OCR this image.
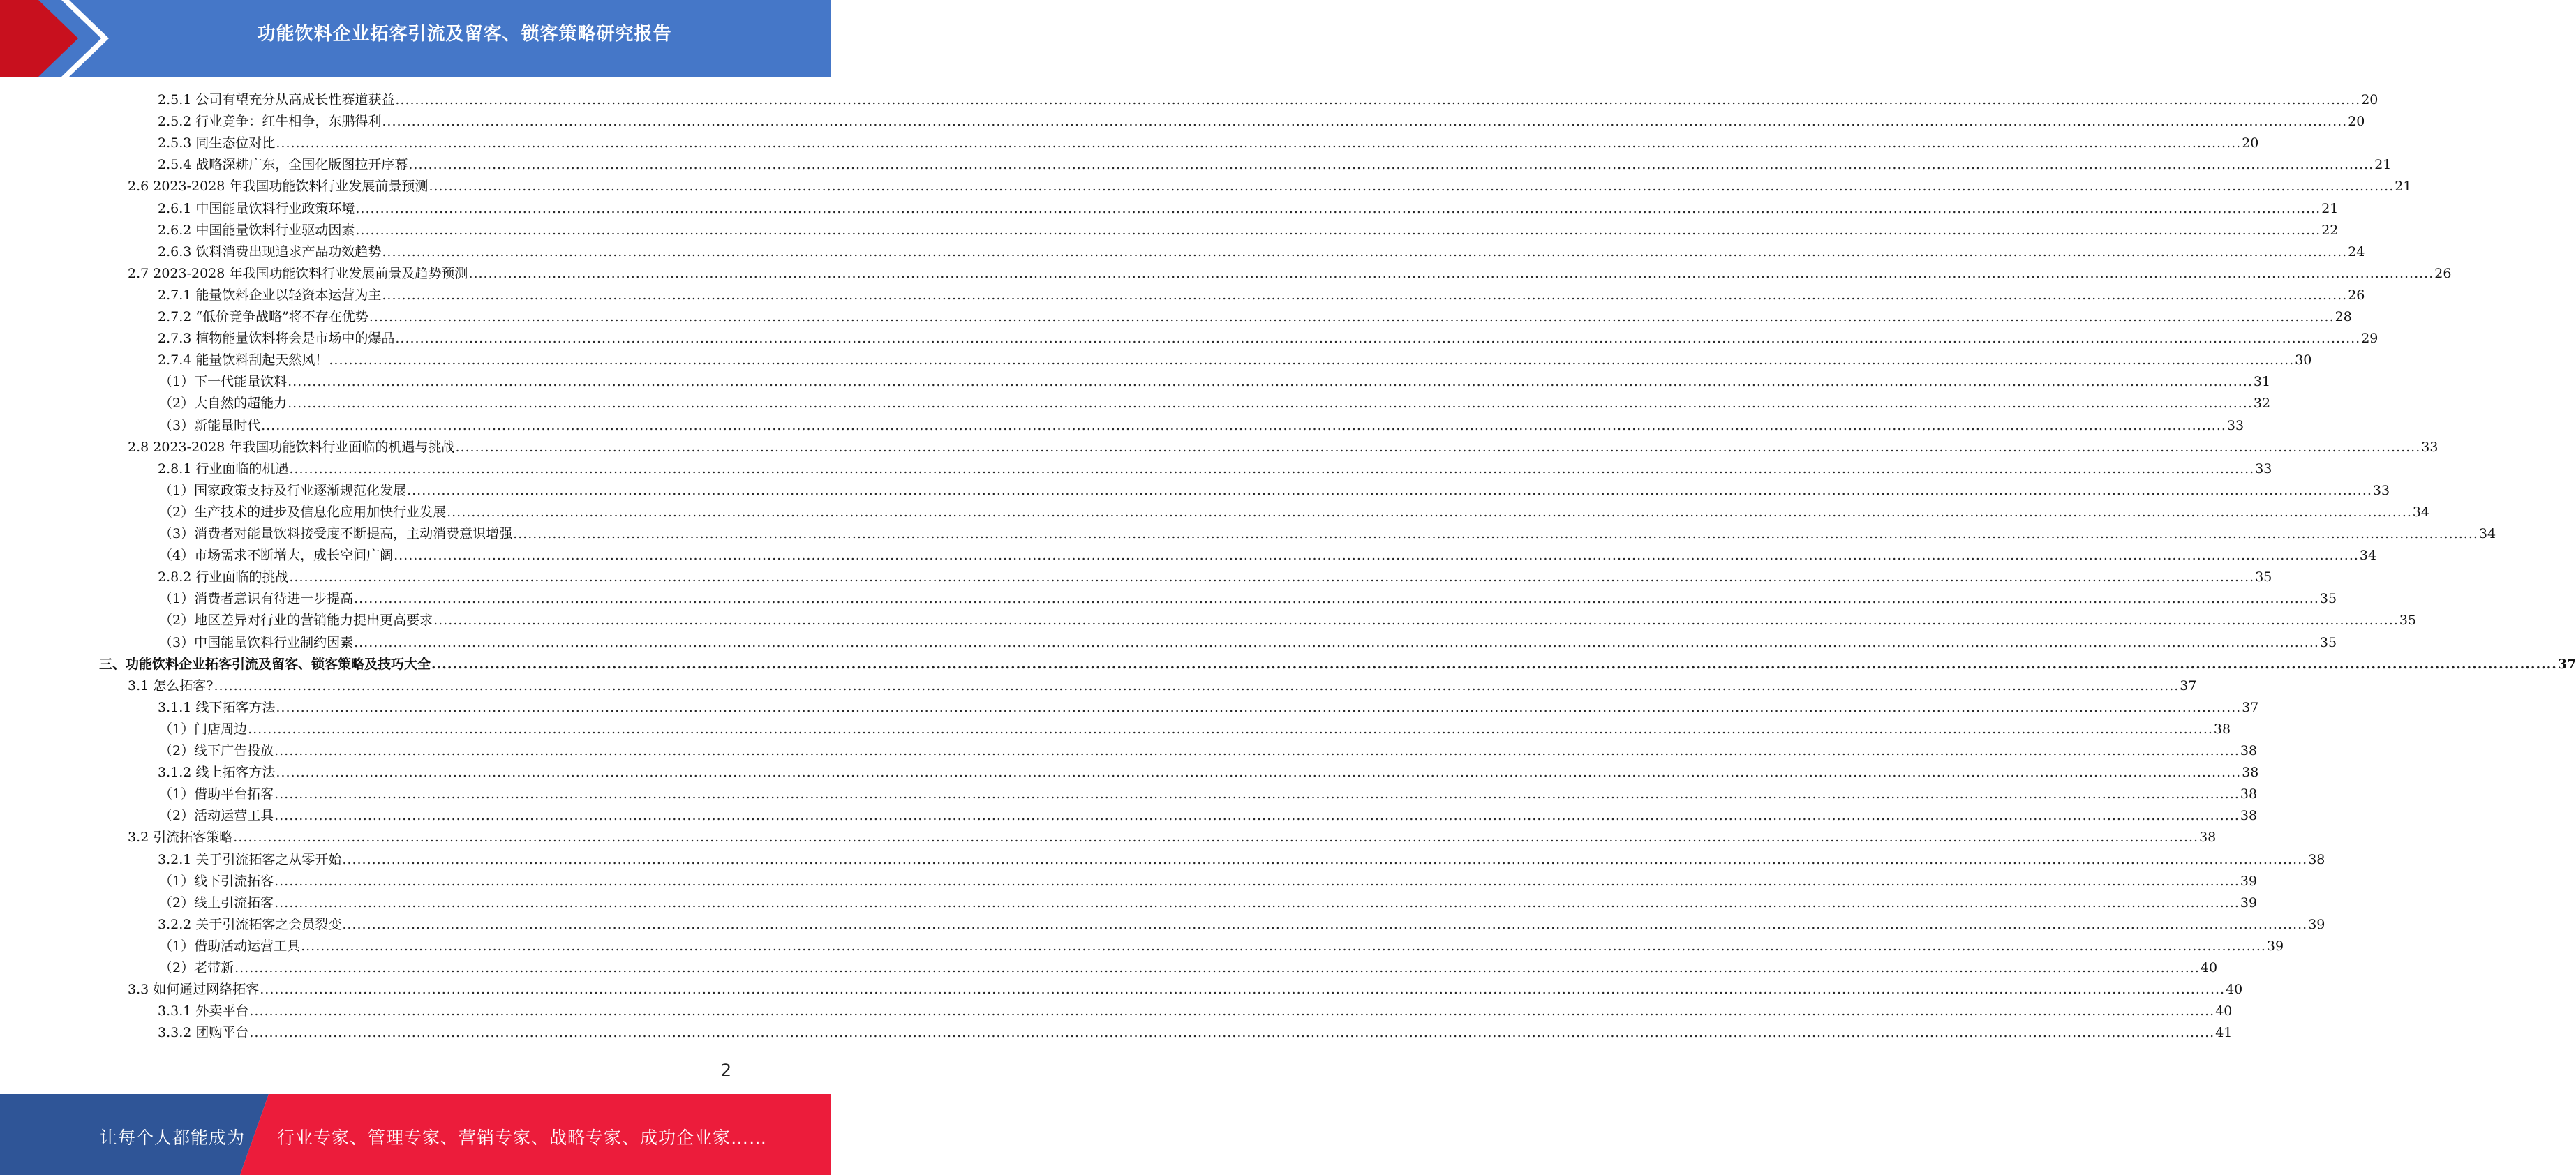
功能饮料企业拓客引流及留客、锁客策略研究报告
2.5.1 公司有望充分从高成长性赛道获益 ................................................................................................................................................................................................................................................................................................................................................................................................................ 20
2.5.2 行业竞争：红牛相争，东鹏得利 ................................................................................................................................................................................................................................................................................................................................................................................................................ 20
2.5.3 同生态位对比 ................................................................................................................................................................................................................................................................................................................................................................................................................ 20
2.5.4 战略深耕广东，全国化版图拉开序幕 ................................................................................................................................................................................................................................................................................................................................................................................................................ 21
2.6 2023-2028 年我国功能饮料行业发展前景预测 ................................................................................................................................................................................................................................................................................................................................................................................................................ 21
2.6.1 中国能量饮料行业政策环境 ................................................................................................................................................................................................................................................................................................................................................................................................................ 21
2.6.2 中国能量饮料行业驱动因素 ................................................................................................................................................................................................................................................................................................................................................................................................................ 22
2.6.3 饮料消费出现追求产品功效趋势 ................................................................................................................................................................................................................................................................................................................................................................................................................ 24
2.7 2023-2028 年我国功能饮料行业发展前景及趋势预测 ................................................................................................................................................................................................................................................................................................................................................................................................................ 26
2.7.1 能量饮料企业以轻资本运营为主 ................................................................................................................................................................................................................................................................................................................................................................................................................ 26
2.7.2 “低价竞争战略”将不存在优势 ................................................................................................................................................................................................................................................................................................................................................................................................................ 28
2.7.3 植物能量饮料将会是市场中的爆品 ................................................................................................................................................................................................................................................................................................................................................................................................................ 29
2.7.4 能量饮料刮起天然风！ ................................................................................................................................................................................................................................................................................................................................................................................................................ 30
（1）下一代能量饮料 ................................................................................................................................................................................................................................................................................................................................................................................................................ 31
（2）大自然的超能力 ................................................................................................................................................................................................................................................................................................................................................................................................................ 32
（3）新能量时代 ................................................................................................................................................................................................................................................................................................................................................................................................................ 33
2.8 2023-2028 年我国功能饮料行业面临的机遇与挑战 ................................................................................................................................................................................................................................................................................................................................................................................................................ 33
2.8.1 行业面临的机遇 ................................................................................................................................................................................................................................................................................................................................................................................................................ 33
（1）国家政策支持及行业逐渐规范化发展 ................................................................................................................................................................................................................................................................................................................................................................................................................ 33
（2）生产技术的进步及信息化应用加快行业发展 ................................................................................................................................................................................................................................................................................................................................................................................................................ 34
（3）消费者对能量饮料接受度不断提高，主动消费意识增强 ................................................................................................................................................................................................................................................................................................................................................................................................................ 34
（4）市场需求不断增大，成长空间广阔 ................................................................................................................................................................................................................................................................................................................................................................................................................ 34
2.8.2 行业面临的挑战 ................................................................................................................................................................................................................................................................................................................................................................................................................ 35
（1）消费者意识有待进一步提高 ................................................................................................................................................................................................................................................................................................................................................................................................................ 35
（2）地区差异对行业的营销能力提出更高要求 ................................................................................................................................................................................................................................................................................................................................................................................................................ 35
（3）中国能量饮料行业制约因素 ................................................................................................................................................................................................................................................................................................................................................................................................................ 35
三、功能饮料企业拓客引流及留客、锁客策略及技巧大全 ................................................................................................................................................................................................................................................................................................................................................................................................................ 37
3.1 怎么拓客? ................................................................................................................................................................................................................................................................................................................................................................................................................ 37
3.1.1 线下拓客方法 ................................................................................................................................................................................................................................................................................................................................................................................................................ 37
（1）门店周边 ................................................................................................................................................................................................................................................................................................................................................................................................................ 38
（2）线下广告投放 ................................................................................................................................................................................................................................................................................................................................................................................................................ 38
3.1.2 线上拓客方法 ................................................................................................................................................................................................................................................................................................................................................................................................................ 38
（1）借助平台拓客 ................................................................................................................................................................................................................................................................................................................................................................................................................ 38
（2）活动运营工具 ................................................................................................................................................................................................................................................................................................................................................................................................................ 38
3.2 引流拓客策略 ................................................................................................................................................................................................................................................................................................................................................................................................................ 38
3.2.1 关于引流拓客之从零开始 ................................................................................................................................................................................................................................................................................................................................................................................................................ 38
（1）线下引流拓客 ................................................................................................................................................................................................................................................................................................................................................................................................................ 39
（2）线上引流拓客 ................................................................................................................................................................................................................................................................................................................................................................................................................ 39
3.2.2 关于引流拓客之会员裂变 ................................................................................................................................................................................................................................................................................................................................................................................................................ 39
（1）借助活动运营工具 ................................................................................................................................................................................................................................................................................................................................................................................................................ 39
（2）老带新 ................................................................................................................................................................................................................................................................................................................................................................................................................ 40
3.3 如何通过网络拓客 ................................................................................................................................................................................................................................................................................................................................................................................................................ 40
3.3.1 外卖平台 ................................................................................................................................................................................................................................................................................................................................................................................................................ 40
3.3.2 团购平台 ................................................................................................................................................................................................................................................................................................................................................................................................................ 41
2
让每个人都能成为 行业专家、管理专家、营销专家、战略专家、成功企业家……
